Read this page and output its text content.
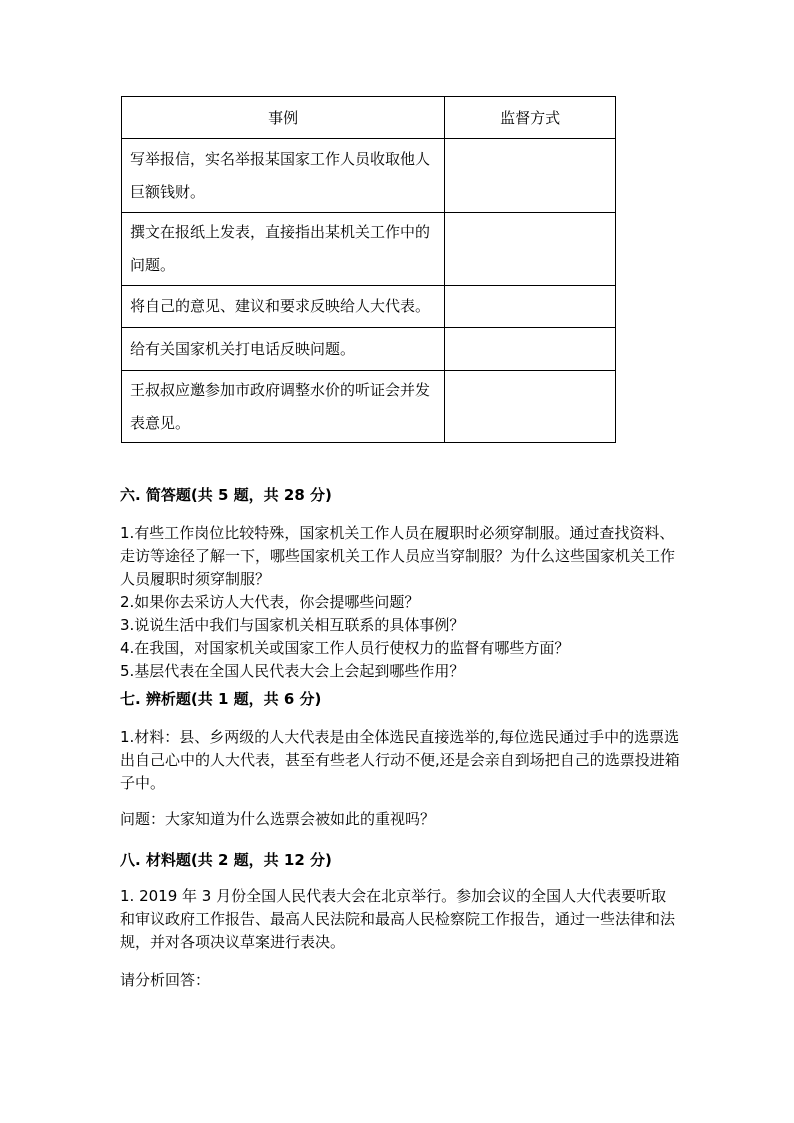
事例	监督方式
写举报信，实名举报某国家工作人员收取他人巨额钱财。	
撰文在报纸上发表，直接指出某机关工作中的问题。	
将自己的意见、建议和要求反映给人大代表。	
给有关国家机关打电话反映问题。	
王叔叔应邀参加市政府调整水价的听证会并发表意见。	
六. 简答题(共 5 题，共 28 分)
1.有些工作岗位比较特殊，国家机关工作人员在履职时必须穿制服。通过查找资料、走访等途径了解一下，哪些国家机关工作人员应当穿制服？为什么这些国家机关工作人员履职时须穿制服？
2.如果你去采访人大代表，你会提哪些问题？
3.说说生活中我们与国家机关相互联系的具体事例？
4.在我国，对国家机关或国家工作人员行使权力的监督有哪些方面？
5.基层代表在全国人民代表大会上会起到哪些作用？
七. 辨析题(共 1 题，共 6 分)
1.材料：县、乡两级的人大代表是由全体选民直接选举的,每位选民通过手中的选票选出自己心中的人大代表，甚至有些老人行动不便,还是会亲自到场把自己的选票投进箱子中。
问题：大家知道为什么选票会被如此的重视吗？
八. 材料题(共 2 题，共 12 分)
1. 2019 年 3 月份全国人民代表大会在北京举行。参加会议的全国人大代表要听取和审议政府工作报告、最高人民法院和最高人民检察院工作报告，通过一些法律和法规，并对各项决议草案进行表决。
请分析回答：
